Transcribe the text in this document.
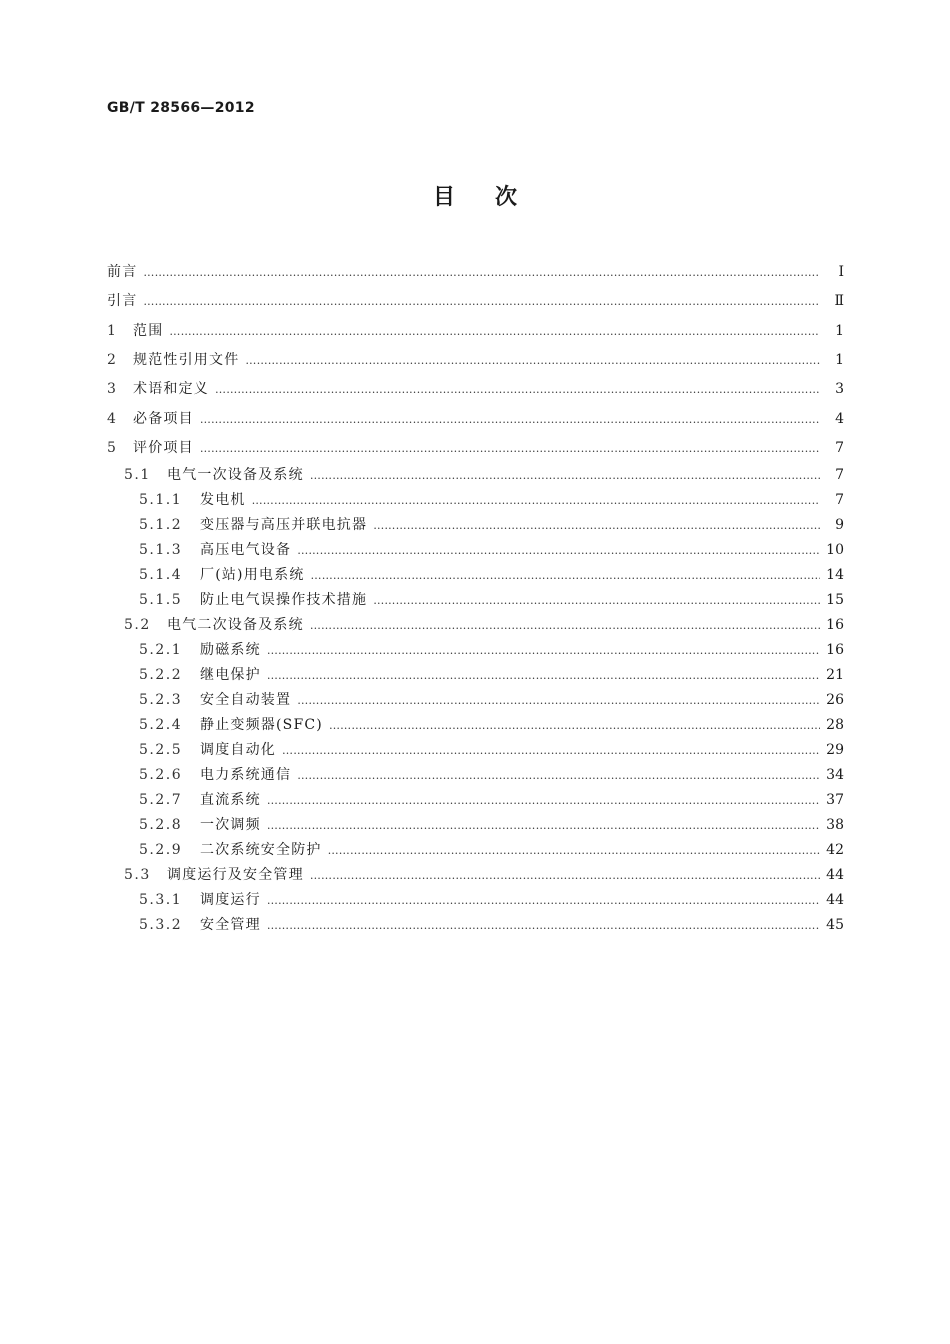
GB/T 28566—2012
目次
前言 ……………………………………………………………………………………………………………………………………………………………………………………………………	Ⅰ
引言 ……………………………………………………………………………………………………………………………………………………………………………………………………	Ⅱ
1	范围 ……………………………………………………………………………………………………………………………………………………………………………………………………	1
2	规范性引用文件 ……………………………………………………………………………………………………………………………………………………………………………………………………	1
3	术语和定义 ……………………………………………………………………………………………………………………………………………………………………………………………………	3
4	必备项目 ……………………………………………………………………………………………………………………………………………………………………………………………………	4
5	评价项目 ……………………………………………………………………………………………………………………………………………………………………………………………………	7
5.1	电气一次设备及系统 ……………………………………………………………………………………………………………………………………………………………………………………………………	7
5.1.1	发电机 ……………………………………………………………………………………………………………………………………………………………………………………………………	7
5.1.2	变压器与高压并联电抗器 ……………………………………………………………………………………………………………………………………………………………………………………………………	9
5.1.3	高压电气设备 ……………………………………………………………………………………………………………………………………………………………………………………………………	10
5.1.4	厂(站)用电系统 ……………………………………………………………………………………………………………………………………………………………………………………………………	14
5.1.5	防止电气误操作技术措施 ……………………………………………………………………………………………………………………………………………………………………………………………………	15
5.2	电气二次设备及系统 ……………………………………………………………………………………………………………………………………………………………………………………………………	16
5.2.1	励磁系统 ……………………………………………………………………………………………………………………………………………………………………………………………………	16
5.2.2	继电保护 ……………………………………………………………………………………………………………………………………………………………………………………………………	21
5.2.3	安全自动装置 ……………………………………………………………………………………………………………………………………………………………………………………………………	26
5.2.4	静止变频器(SFC) ……………………………………………………………………………………………………………………………………………………………………………………………………	28
5.2.5	调度自动化 ……………………………………………………………………………………………………………………………………………………………………………………………………	29
5.2.6	电力系统通信 ……………………………………………………………………………………………………………………………………………………………………………………………………	34
5.2.7	直流系统 ……………………………………………………………………………………………………………………………………………………………………………………………………	37
5.2.8	一次调频 ……………………………………………………………………………………………………………………………………………………………………………………………………	38
5.2.9	二次系统安全防护 ……………………………………………………………………………………………………………………………………………………………………………………………………	42
5.3	调度运行及安全管理 ……………………………………………………………………………………………………………………………………………………………………………………………………	44
5.3.1	调度运行 ……………………………………………………………………………………………………………………………………………………………………………………………………	44
5.3.2	安全管理 ……………………………………………………………………………………………………………………………………………………………………………………………………	45
